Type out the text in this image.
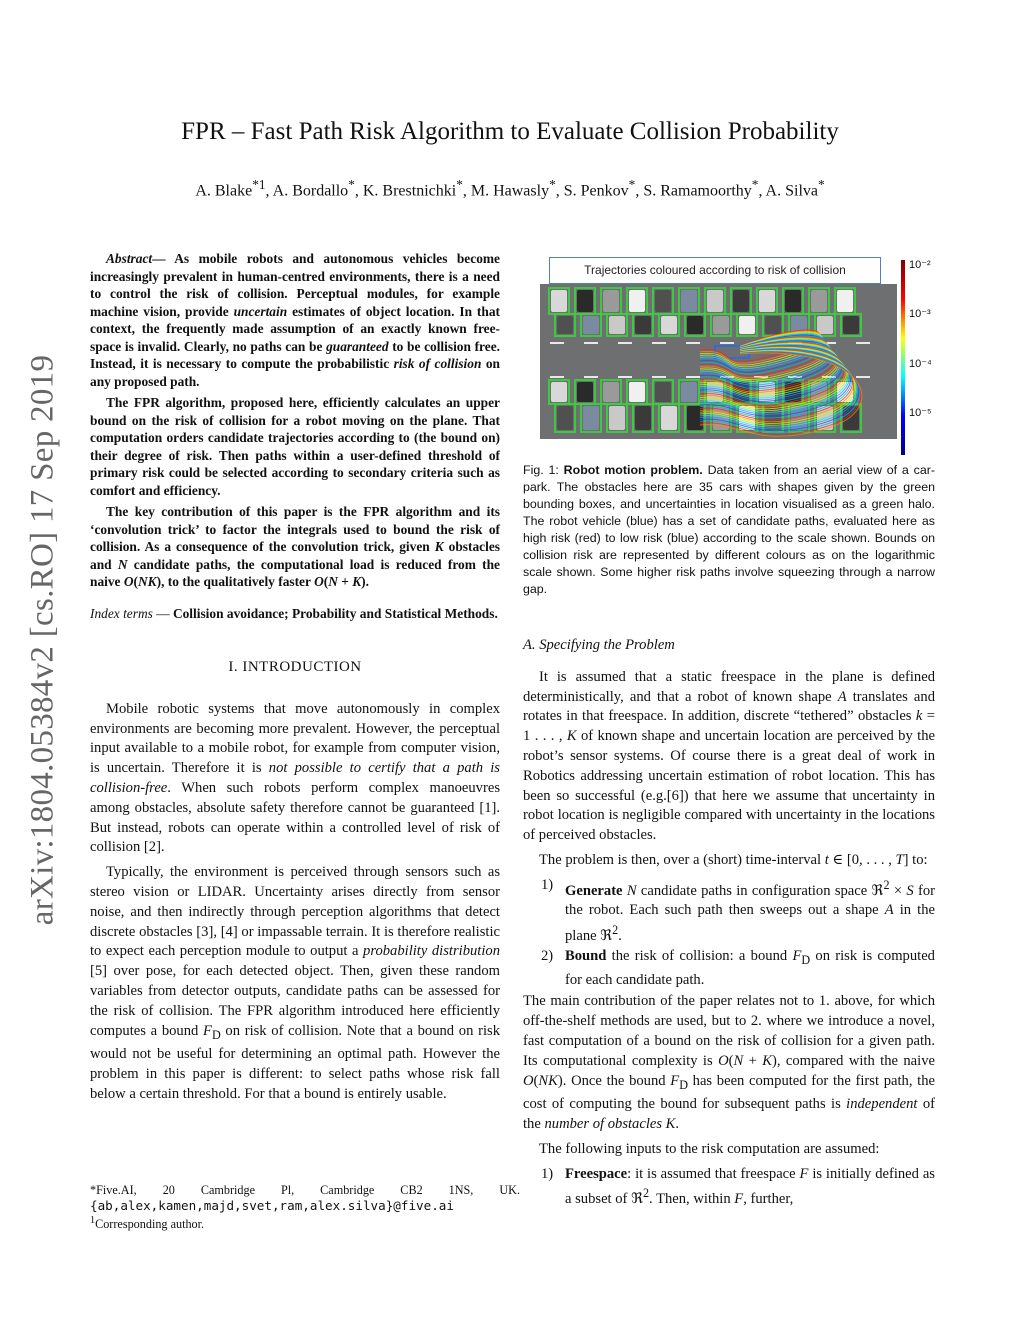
arXiv:1804.05384v2 [cs.RO] 17 Sep 2019
FPR – Fast Path Risk Algorithm to Evaluate Collision Probability
A. Blake$^{*1}$, A. Bordallo*, K. Brestnichki*, M. Hawasly*, S. Penkov*, S. Ramamoorthy*, A. Silva*

Abstract— As mobile robots and autonomous vehicles become increasingly prevalent in human-centred environments, there is a need to control the risk of collision. Perceptual modules, for example machine vision, provide uncertain estimates of object location. In that context, the frequently made assumption of an exactly known free-space is invalid. Clearly, no paths can be guaranteed to be collision free. Instead, it is necessary to compute the probabilistic risk of collision on any proposed path.

The FPR algorithm, proposed here, efficiently calculates an upper bound on the risk of collision for a robot moving on the plane. That computation orders candidate trajectories according to (the bound on) their degree of risk. Then paths within a user-defined threshold of primary risk could be selected according to secondary criteria such as comfort and efficiency.

The key contribution of this paper is the FPR algorithm and its ‘convolution trick’ to factor the integrals used to bound the risk of collision. As a consequence of the convolution trick, given K obstacles and N candidate paths, the computational load is reduced from the naive O(NK), to the qualitatively faster O(N + K).

Index terms — Collision avoidance; Probability and Statistical Methods.
I. INTRODUCTION

Mobile robotic systems that move autonomously in complex environments are becoming more prevalent. However, the perceptual input available to a mobile robot, for example from computer vision, is uncertain. Therefore it is not possible to certify that a path is collision-free. When such robots perform complex manoeuvres among obstacles, absolute safety therefore cannot be guaranteed [1]. But instead, robots can operate within a controlled level of risk of collision [2].

Typically, the environment is perceived through sensors such as stereo vision or LIDAR. Uncertainty arises directly from sensor noise, and then indirectly through perception algorithms that detect discrete obstacles [3], [4] or impassable terrain. It is therefore realistic to expect each perception module to output a probability distribution [5] over pose, for each detected object. Then, given these random variables from detector outputs, candidate paths can be assessed for the risk of collision. The FPR algorithm introduced here efficiently computes a bound $F_D$ on risk of collision. Note that a bound on risk would not be useful for determining an optimal path. However the problem in this paper is different: to select paths whose risk fall below a certain threshold. For that a bound is entirely usable.

*Five.AI, 20 Cambridge Pl, Cambridge CB2 1NS, UK.
{ab,alex,kamen,majd,svet,ram,alex.silva}@five.ai
$^1$Corresponding author.
Trajectories coloured according to risk of collision	10⁻²
10⁻³
10⁻⁴
10⁻⁵
Fig. 1: Robot motion problem. Data taken from an aerial view of a car-park. The obstacles here are 35 cars with shapes given by the green bounding boxes, and uncertainties in location visualised as a green halo. The robot vehicle (blue) has a set of candidate paths, evaluated here as high risk (red) to low risk (blue) according to the scale shown. Bounds on collision risk are represented by different colours as on the logarithmic scale shown. Some higher risk paths involve squeezing through a narrow gap.
A. Specifying the Problem

It is assumed that a static freespace in the plane is defined deterministically, and that a robot of known shape A translates and rotates in that freespace. In addition, discrete “tethered” obstacles k = 1 . . . , K of known shape and uncertain location are perceived by the robot’s sensor systems. Of course there is a great deal of work in Robotics addressing uncertain estimation of robot location. This has been so successful (e.g.[6]) that here we assume that uncertainty in robot location is negligible compared with uncertainty in the locations of perceived obstacles.

The problem is then, over a (short) time-interval t ∈ [0, . . . , T] to:

1) Generate N candidate paths in configuration space ℜ$^2$ × S for the robot. Each such path then sweeps out a shape A in the plane ℜ$^2$.
2) Bound the risk of collision: a bound $F_D$ on risk is computed for each candidate path.

The main contribution of the paper relates not to 1. above, for which off-the-shelf methods are used, but to 2. where we introduce a novel, fast computation of a bound on the risk of collision for a given path. Its computational complexity is O(N + K), compared with the naive O(NK). Once the bound $F_D$ has been computed for the first path, the cost of computing the bound for subsequent paths is independent of the number of obstacles K.

The following inputs to the risk computation are assumed:

1) Freespace: it is assumed that freespace F is initially defined as a subset of ℜ$^2$. Then, within F, further,
